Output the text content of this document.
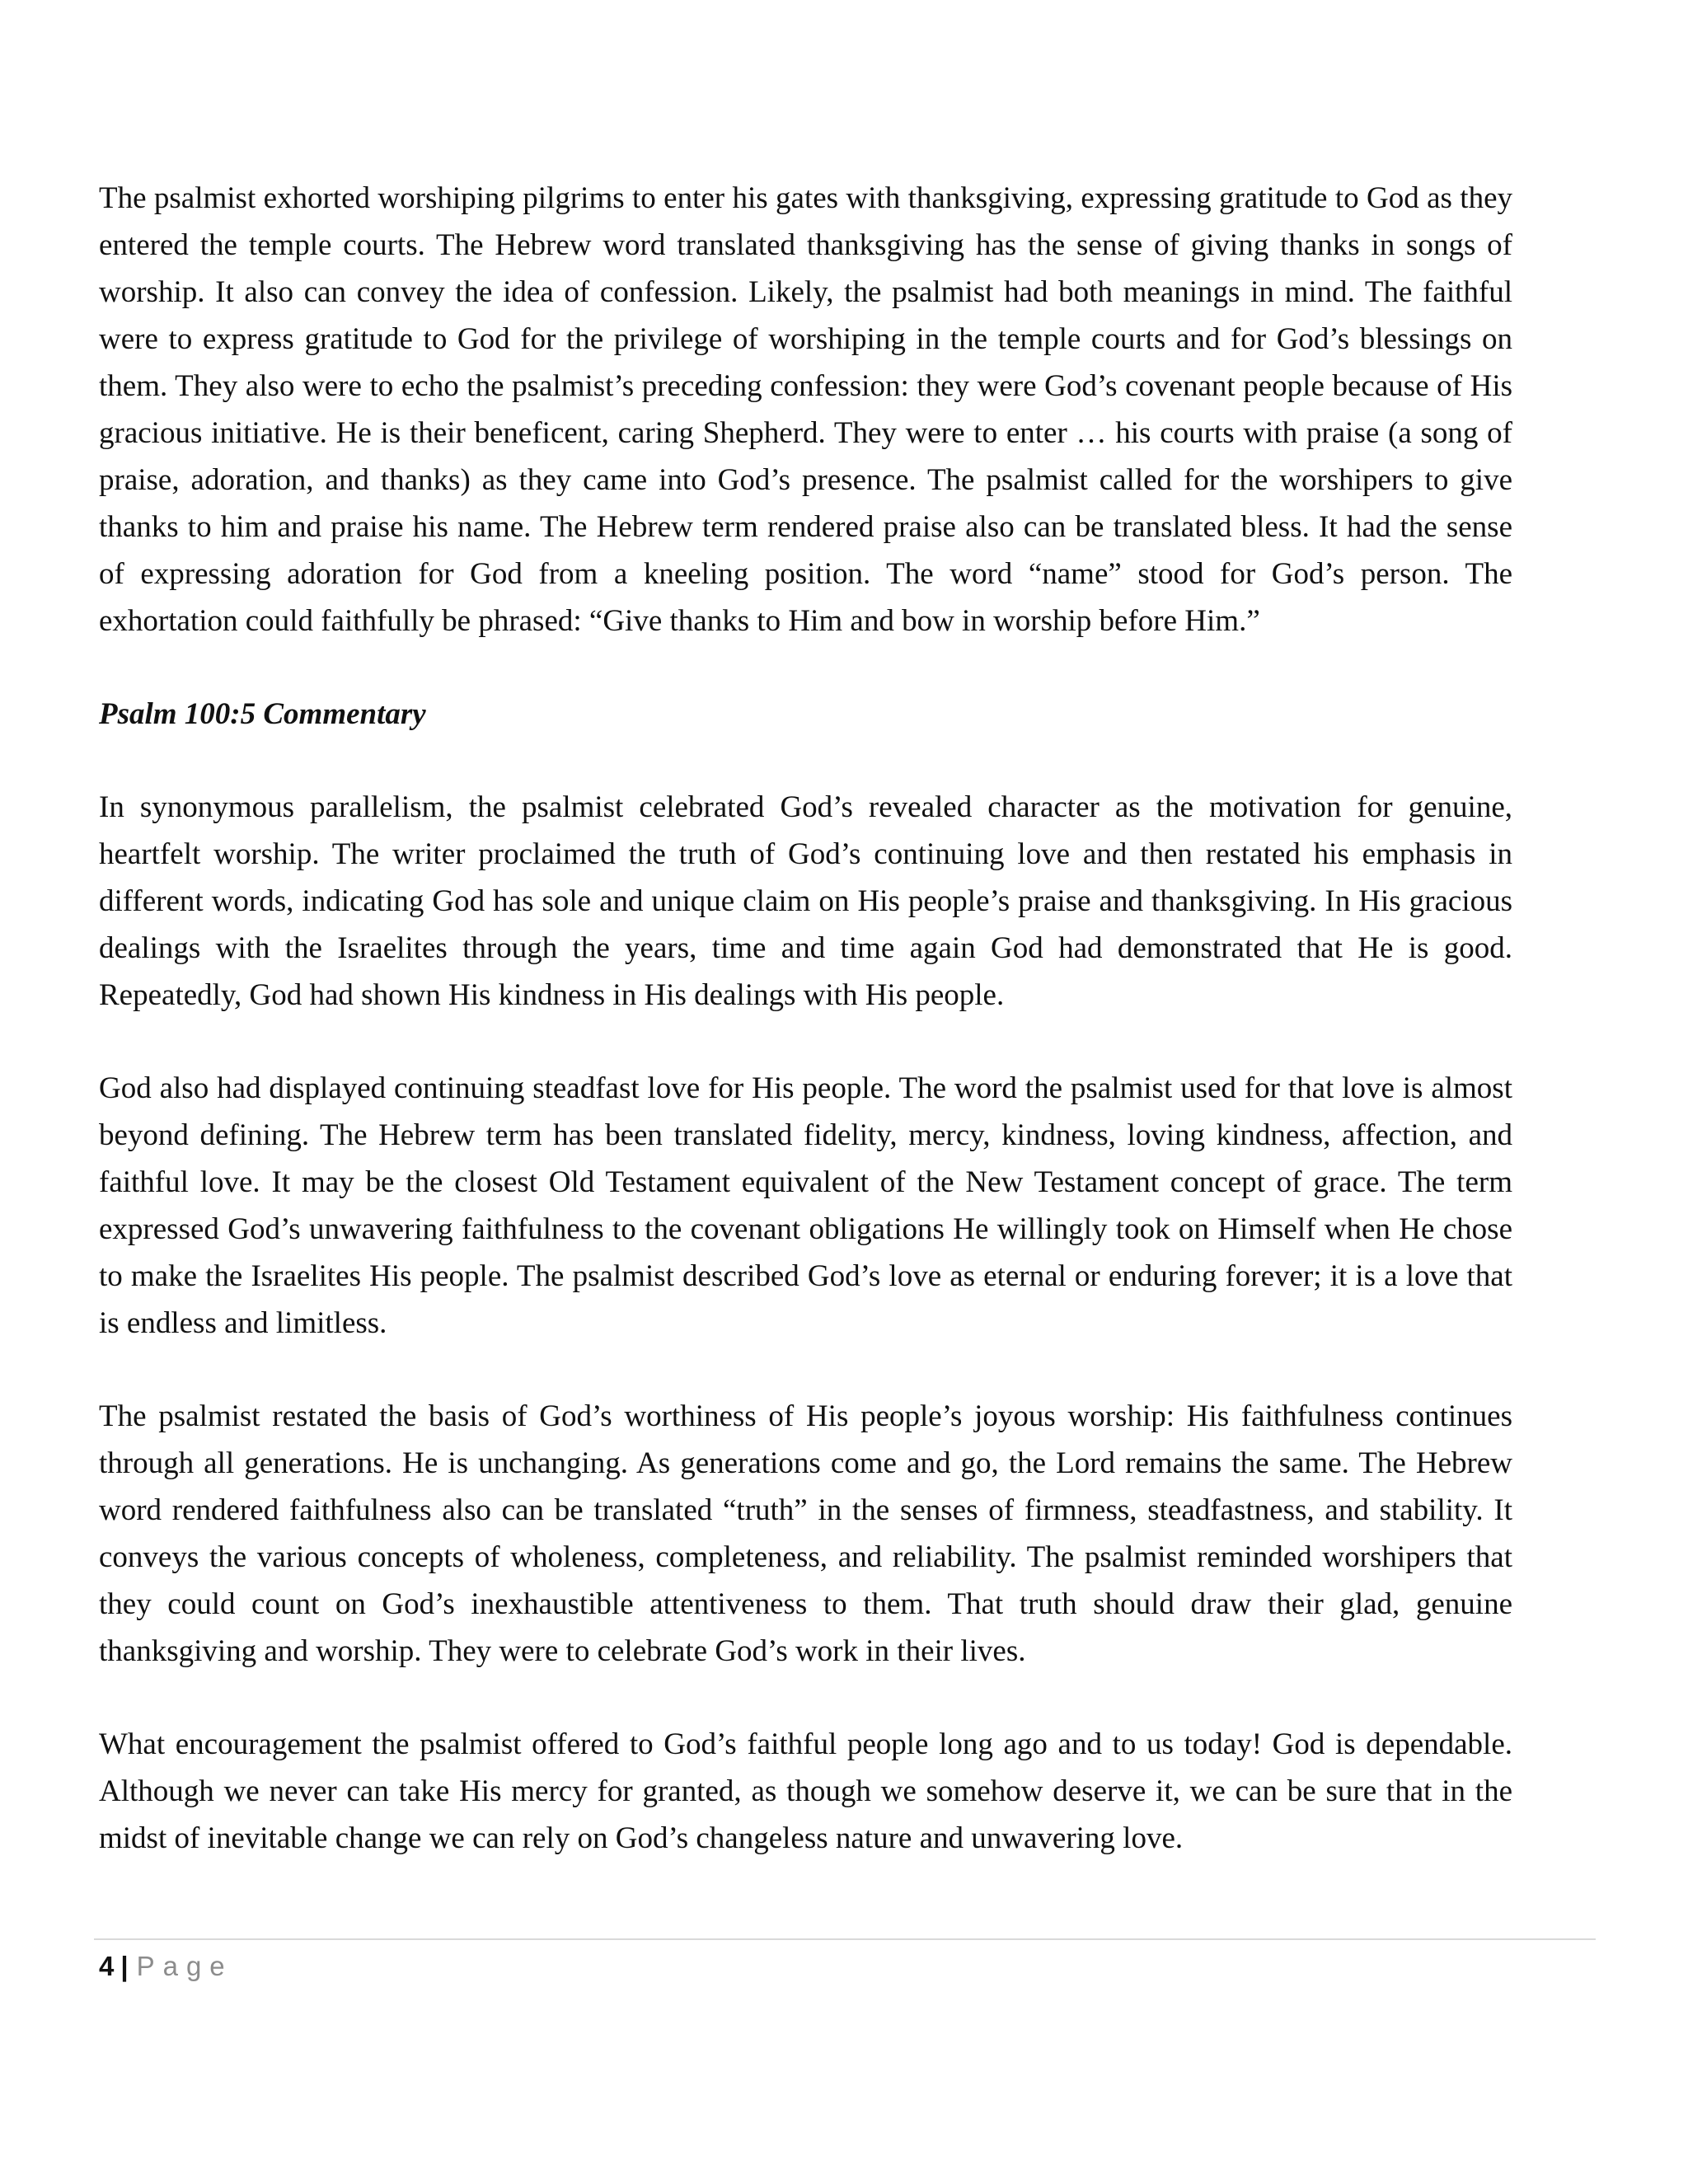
The psalmist exhorted worshiping pilgrims to enter his gates with thanksgiving, expressing gratitude to God as they entered the temple courts. The Hebrew word translated thanksgiving has the sense of giving thanks in songs of worship. It also can convey the idea of confession. Likely, the psalmist had both meanings in mind. The faithful were to express gratitude to God for the privilege of worshiping in the temple courts and for God’s blessings on them. They also were to echo the psalmist’s preceding confession: they were God’s covenant people because of His gracious initiative. He is their beneficent, caring Shepherd. They were to enter … his courts with praise (a song of praise, adoration, and thanks) as they came into God’s presence. The psalmist called for the worshipers to give thanks to him and praise his name. The Hebrew term rendered praise also can be translated bless. It had the sense of expressing adoration for God from a kneeling position. The word “name” stood for God’s person. The exhortation could faithfully be phrased: “Give thanks to Him and bow in worship before Him.”

Psalm 100:5 Commentary

In synonymous parallelism, the psalmist celebrated God’s revealed character as the motivation for genuine, heartfelt worship. The writer proclaimed the truth of God’s continuing love and then restated his emphasis in different words, indicating God has sole and unique claim on His people’s praise and thanksgiving. In His gracious dealings with the Israelites through the years, time and time again God had demonstrated that He is good. Repeatedly, God had shown His kindness in His dealings with His people.

God also had displayed continuing steadfast love for His people. The word the psalmist used for that love is almost beyond defining. The Hebrew term has been translated fidelity, mercy, kindness, loving kindness, affection, and faithful love. It may be the closest Old Testament equivalent of the New Testament concept of grace. The term expressed God’s unwavering faithfulness to the covenant obligations He willingly took on Himself when He chose to make the Israelites His people. The psalmist described God’s love as eternal or enduring forever; it is a love that is endless and limitless.

The psalmist restated the basis of God’s worthiness of His people’s joyous worship: His faithfulness continues through all generations. He is unchanging. As generations come and go, the Lord remains the same. The Hebrew word rendered faithfulness also can be translated “truth” in the senses of firmness, steadfastness, and stability. It conveys the various concepts of wholeness, completeness, and reliability. The psalmist reminded worshipers that they could count on God’s inexhaustible attentiveness to them. That truth should draw their glad, genuine thanksgiving and worship. They were to celebrate God’s work in their lives.

What encouragement the psalmist offered to God’s faithful people long ago and to us today! God is dependable. Although we never can take His mercy for granted, as though we somehow deserve it, we can be sure that in the midst of inevitable change we can rely on God’s changeless nature and unwavering love.

4 | Page
